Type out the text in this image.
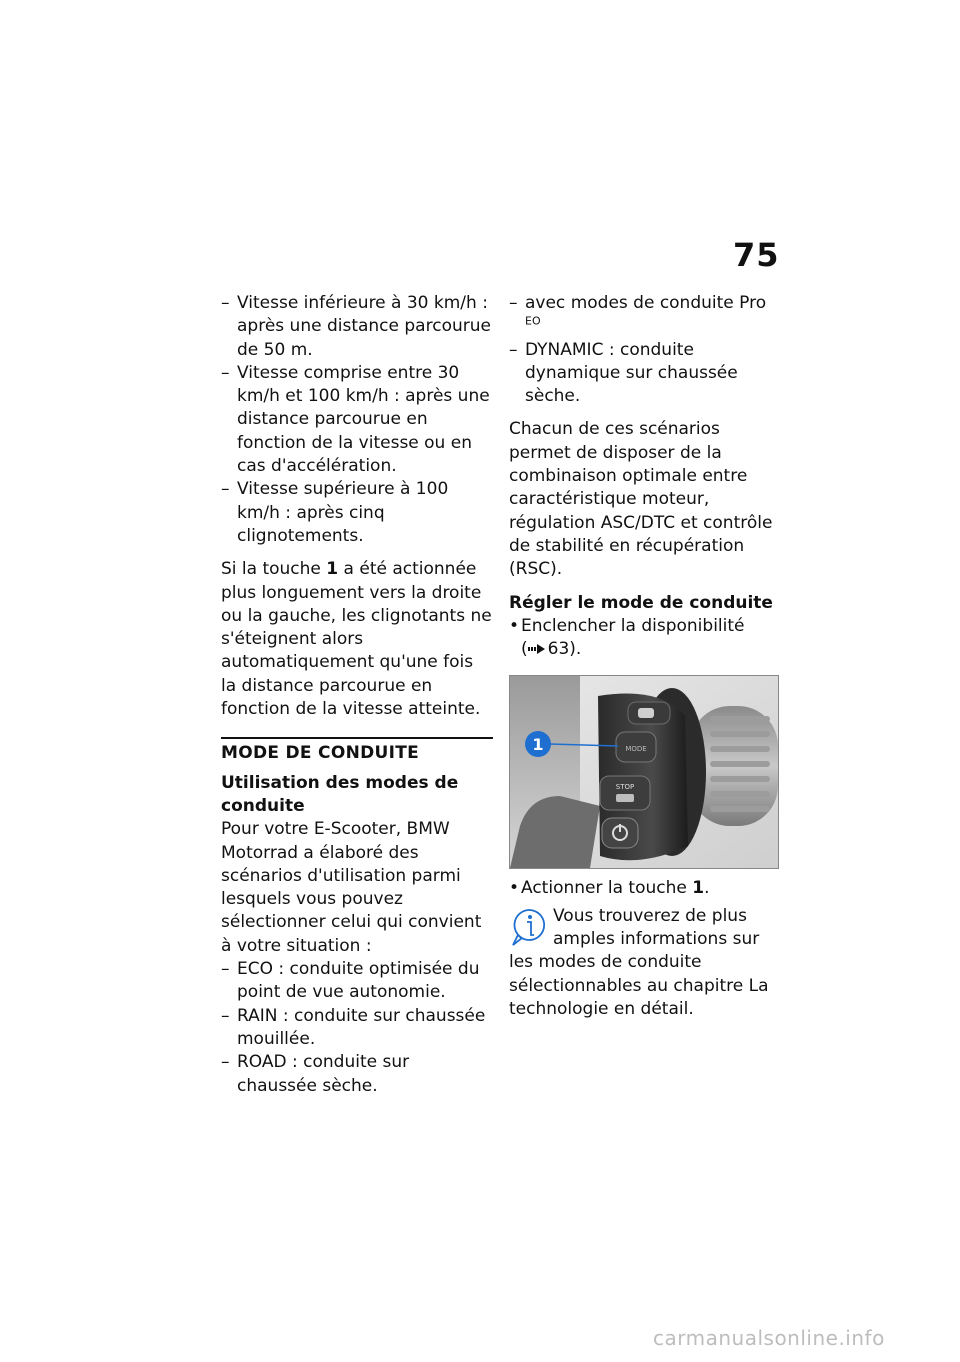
75
– Vitesse inférieure à 30 km/h : après une distance parcourue de 50 m.
– Vitesse comprise entre 30 km/h et 100 km/h : après une distance parcourue en fonction de la vitesse ou en cas d'accélération.
– Vitesse supérieure à 100 km/h : après cinq clignotements.
Si la touche 1 a été actionnée plus longuement vers la droite ou la gauche, les clignotants ne s'éteignent alors automatiquement qu'une fois la distance parcourue en fonction de la vitesse atteinte.
MODE DE CONDUITE
Utilisation des modes de conduite
Pour votre E-Scooter, BMW Motorrad a élaboré des scénarios d'utilisation parmi lesquels vous pouvez sélectionner celui qui convient à votre situation :
– ECO : conduite optimisée du point de vue autonomie.
– RAIN : conduite sur chaussée mouillée.
– ROAD : conduite sur chaussée sèche.
– avec modes de conduite Pro $^{EO}$
– DYNAMIC : conduite dynamique sur chaussée sèche.
Chacun de ces scénarios permet de disposer de la combinaison optimale entre caractéristique moteur, régulation ASC/DTC et contrôle de stabilité en récupération (RSC).
Régler le mode de conduite
• Enclencher la disponibilité
( 63).
MODE
STOP
1
• Actionner la touche 1.
Vous trouverez de plus amples informations sur les modes de conduite sélectionnables au chapitre La technologie en détail.
carmanualsonline.info
